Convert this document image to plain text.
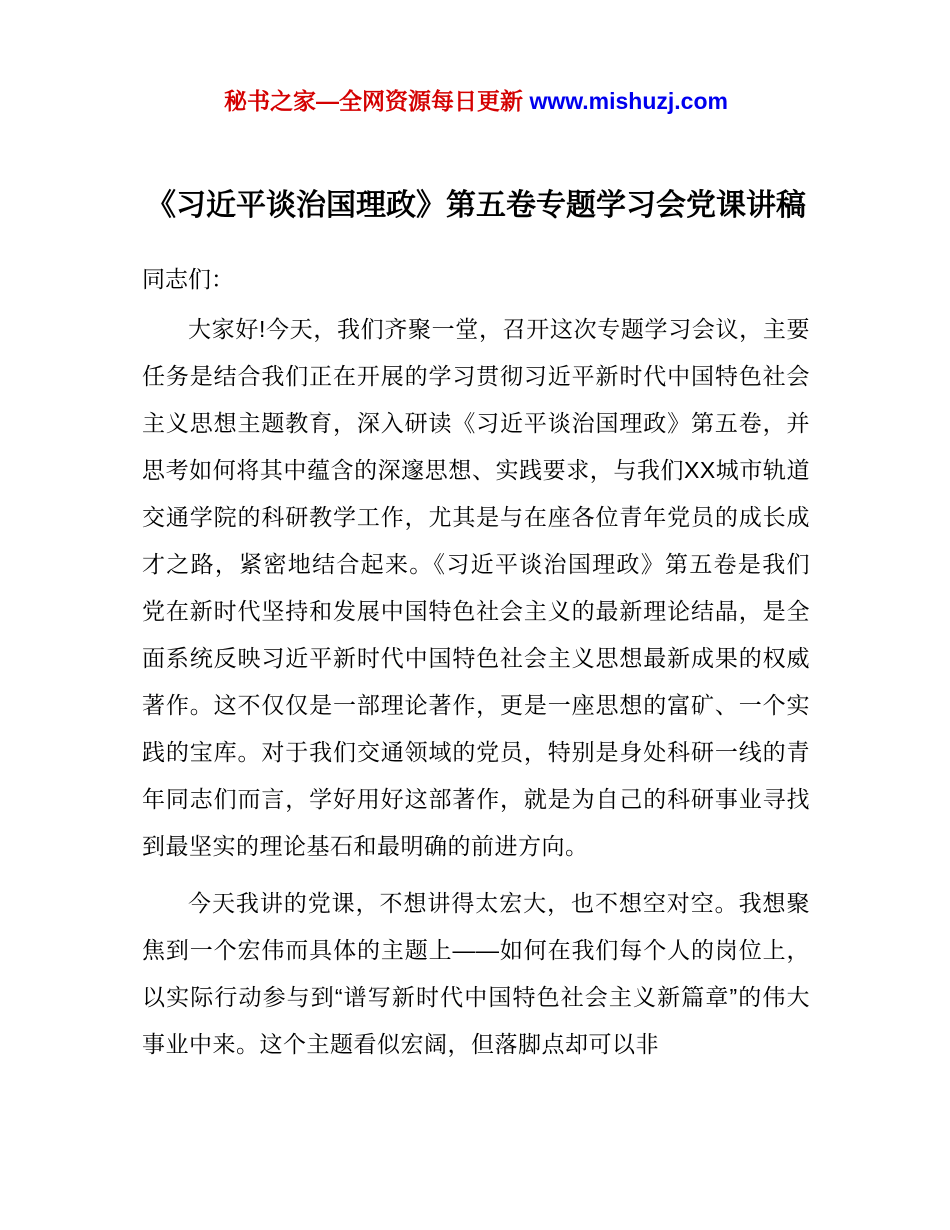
秘书之家—全网资源每日更新 www.mishuzj.com
《习近平谈治国理政》第五卷专题学习会党课讲稿

同志们：

大家好!今天，我们齐聚一堂，召开这次专题学习会议，主要任务是结合我们正在开展的学习贯彻习近平新时代中国特色社会主义思想主题教育，深入研读《习近平谈治国理政》第五卷，并思考如何将其中蕴含的深邃思想、实践要求，与我们XX城市轨道交通学院的科研教学工作，尤其是与在座各位青年党员的成长成才之路，紧密地结合起来。《习近平谈治国理政》第五卷是我们党在新时代坚持和发展中国特色社会主义的最新理论结晶，是全面系统反映习近平新时代中国特色社会主义思想最新成果的权威著作。这不仅仅是一部理论著作，更是一座思想的富矿、一个实践的宝库。对于我们交通领域的党员，特别是身处科研一线的青年同志们而言，学好用好这部著作，就是为自己的科研事业寻找到最坚实的理论基石和最明确的前进方向。

今天我讲的党课，不想讲得太宏大，也不想空对空。我想聚焦到一个宏伟而具体的主题上——如何在我们每个人的岗位上，以实际行动参与到“谱写新时代中国特色社会主义新篇章”的伟大事业中来。这个主题看似宏阔，但落脚点却可以非
